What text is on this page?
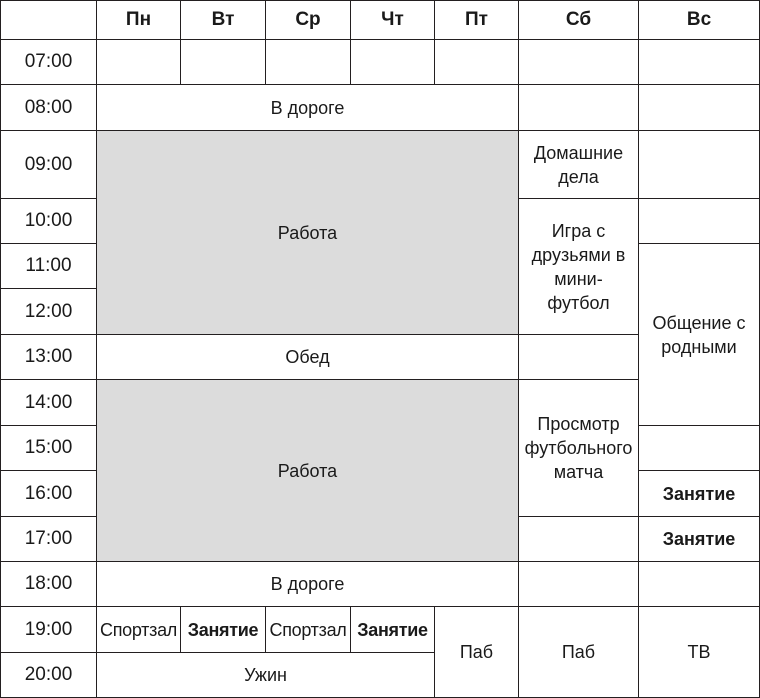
	Пн	Вт	Ср	Чт	Пт	Сб	Вс
07:00							
08:00	В дороге						
09:00	Работа					Домашние дела	
10:00						Игра с друзьями в мини-футбол	
11:00							Общение с родными
12:00							
13:00	Обед						
14:00	Работа					Просмотр футбольного матча	
15:00							
16:00							Занятие
17:00							Занятие
18:00	В дороге						
19:00	Спортзал	Занятие	Спортзал	Занятие	Паб	Паб	ТВ
20:00	Ужин						
